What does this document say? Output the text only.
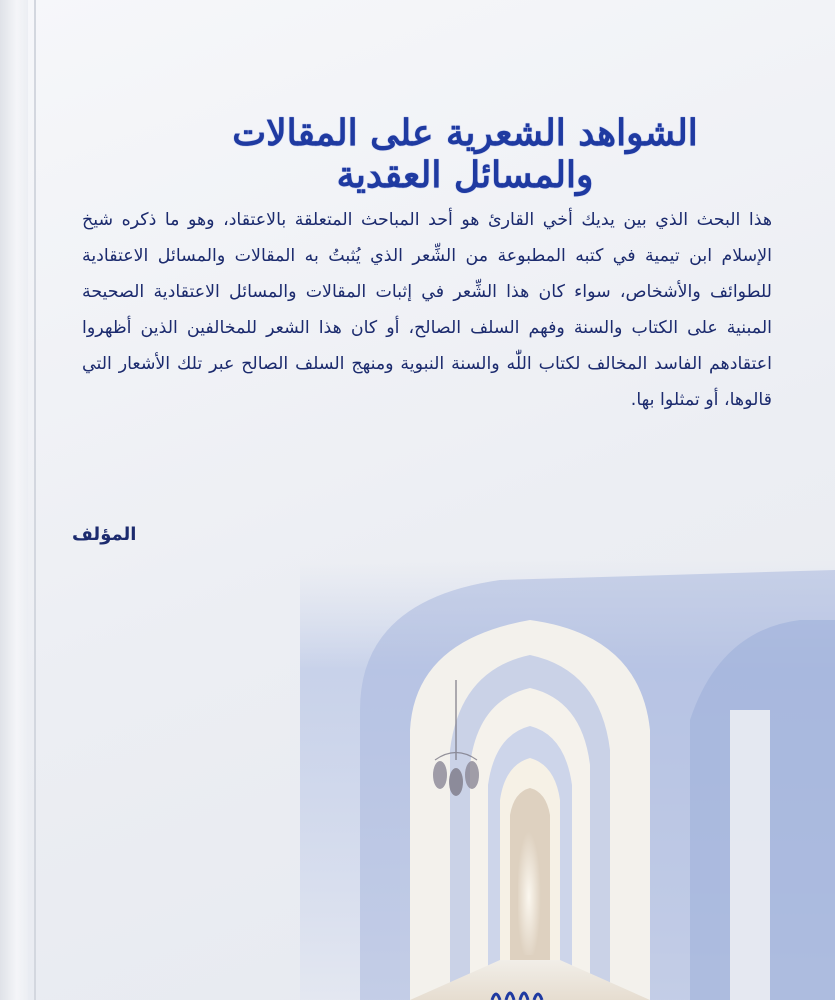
الشواهد الشعرية على المقالات والمسائل العقدية
هذا البحث الذي بين يديك أخي القارئ هو أحد المباحث المتعلقة بالاعتقاد، وهو ما ذكره شيخ الإسلام ابن تيمية في كتبه المطبوعة من الشِّعر الذي يُثبتُ به المقالات والمسائل الاعتقادية للطوائف والأشخاص، سواء كان هذا الشِّعر في إثبات المقالات والمسائل الاعتقادية الصحيحة المبنية على الكتاب والسنة وفهم السلف الصالح، أو كان هذا الشعر للمخالفين الذين أظهروا اعتقادهم الفاسد المخالف لكتاب اللّٰه والسنة النبوية ومنهج السلف الصالح عبر تلك الأشعار التي قالوها، أو تمثلوا بها.
المؤلف
